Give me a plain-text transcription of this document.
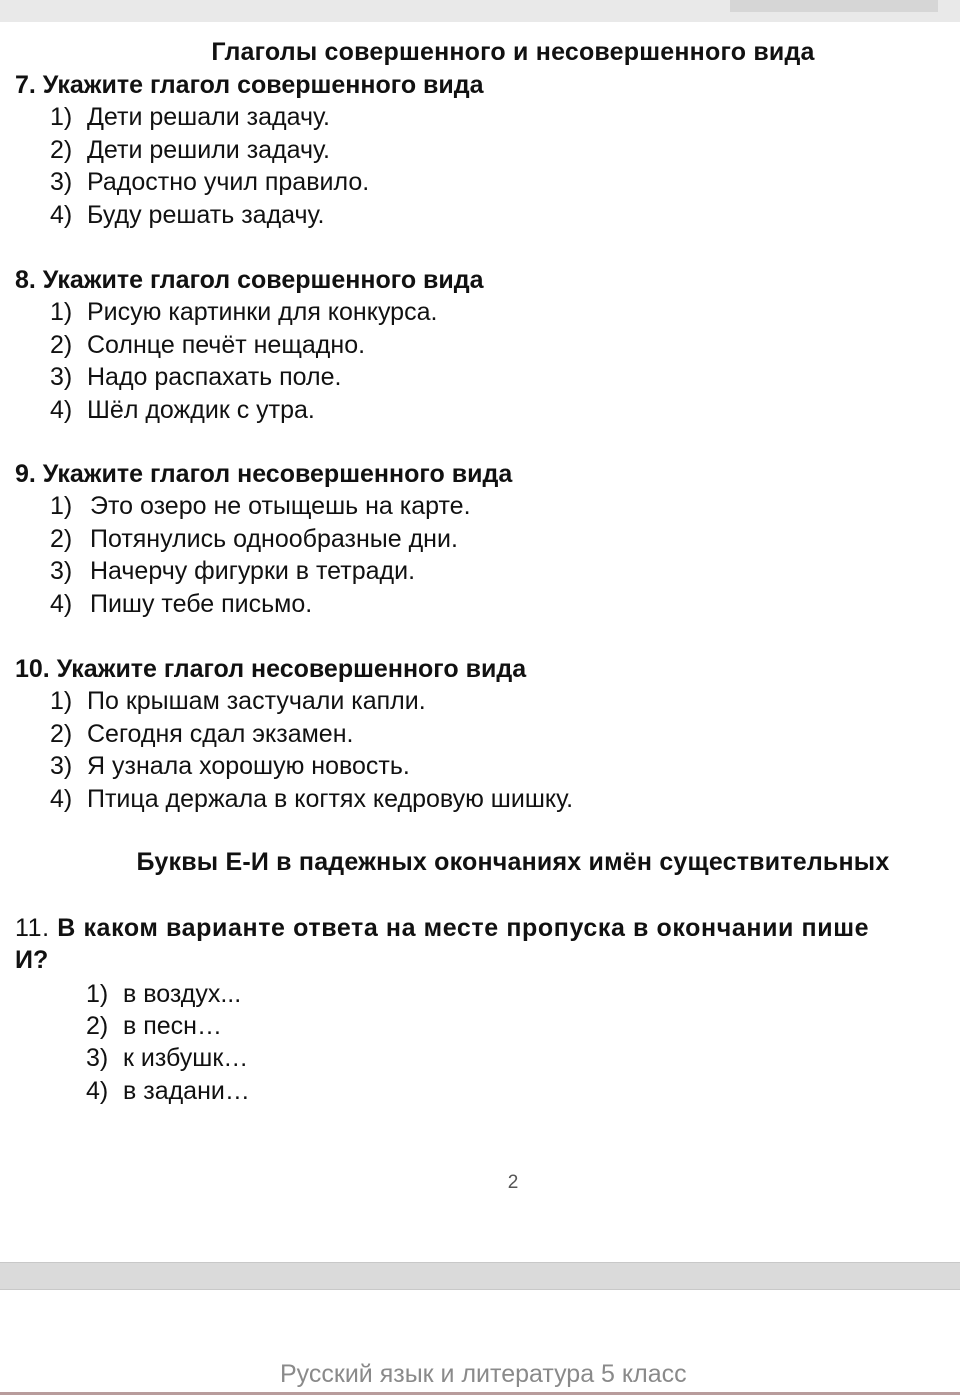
Глаголы совершенного и несовершенного вида
7. Укажите глагол совершенного вида
1) Дети решали задачу.
2) Дети решили задачу.
3) Радостно учил правило.
4) Буду решать задачу.
8. Укажите глагол совершенного вида
1) Рисую картинки для конкурса.
2) Солнце печёт нещадно.
3) Надо распахать поле.
4) Шёл дождик с утра.
9. Укажите глагол несовершенного вида
1) Это озеро не отыщешь на карте.
2) Потянулись однообразные дни.
3) Начерчу фигурки в тетради.
4) Пишу тебе письмо.
10. Укажите глагол несовершенного вида
1) По крышам застучали капли.
2) Сегодня сдал экзамен.
3) Я узнала хорошую новость.
4) Птица держала в когтях кедровую шишку.
Буквы Е-И в падежных окончаниях имён существительных
11. В каком варианте ответа на месте пропуска в окончании пише
И?
1) в воздух...
2) в песн…
3) к избушк…
4) в задани…
2
Русский язык и литература 5 класс
